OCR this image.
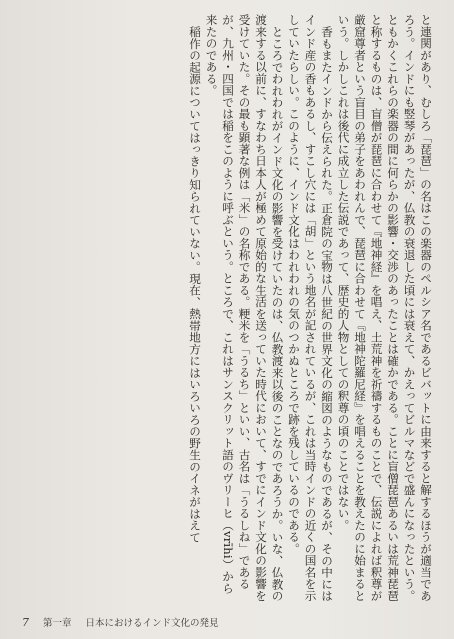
と連関があり、むしろ「琵琶」の名はこの楽器のペルシア名であるビバットに由来すると解するほうが適当であろう。インドにも竪琴があったが、仏教の衰退した頃には衰えて、かえってビルマなどで盛んになったという。ともかくこれらの楽器の間に何らかの影響・交渉のあったことは確かである。ことに盲僧琵琶あるいは荒神琵琶と称するものは、盲僧が琵琶に合わせて『地神経』を唱え、土荒神を祈禱するものことで、伝説によれば釈尊が厳窟尊者という盲目の弟子をあわれんで、琵琶に合わせて『地神陀羅尼経』を唱えることを教えたのに始まるという。しかしこれは後代に成立した伝説であって、歴史的人物としての釈尊の頃のことではない。

香もまたインドから伝えられた。正倉院の宝物は八世紀の世界文化の縮図のようなものであるが、その中にはインド産の香もあるし、すこし穴には「胡」という地名が記されているが、これは当時インドの近くの国名を示していたらしい。このように、インド文化はわれわれの気のつかぬところで跡を残しているのである。

ところでわれわれがインド文化の影響を受けていたのは、仏教渡来以後のことなのであろうか。いな、仏教の渡来する以前に、すなわち日本人が極めて原始的な生活を送っていた時代において、すでにインド文化の影響を受けていた。その最も顕著な例は「米」の名称である。粳米を「うるち」といい、古名は「うるしね」であるが、九州・四国では稲をこのように呼ぶという。ところで、これはサンスクリット語のヴリーヒ（vrīhi）から来たのである。

稲作の起源についてはっきり知られていない。現在、熱帯地方にはいろいろの野生のイネがはえて

7 第一章 日本におけるインド文化の発見
